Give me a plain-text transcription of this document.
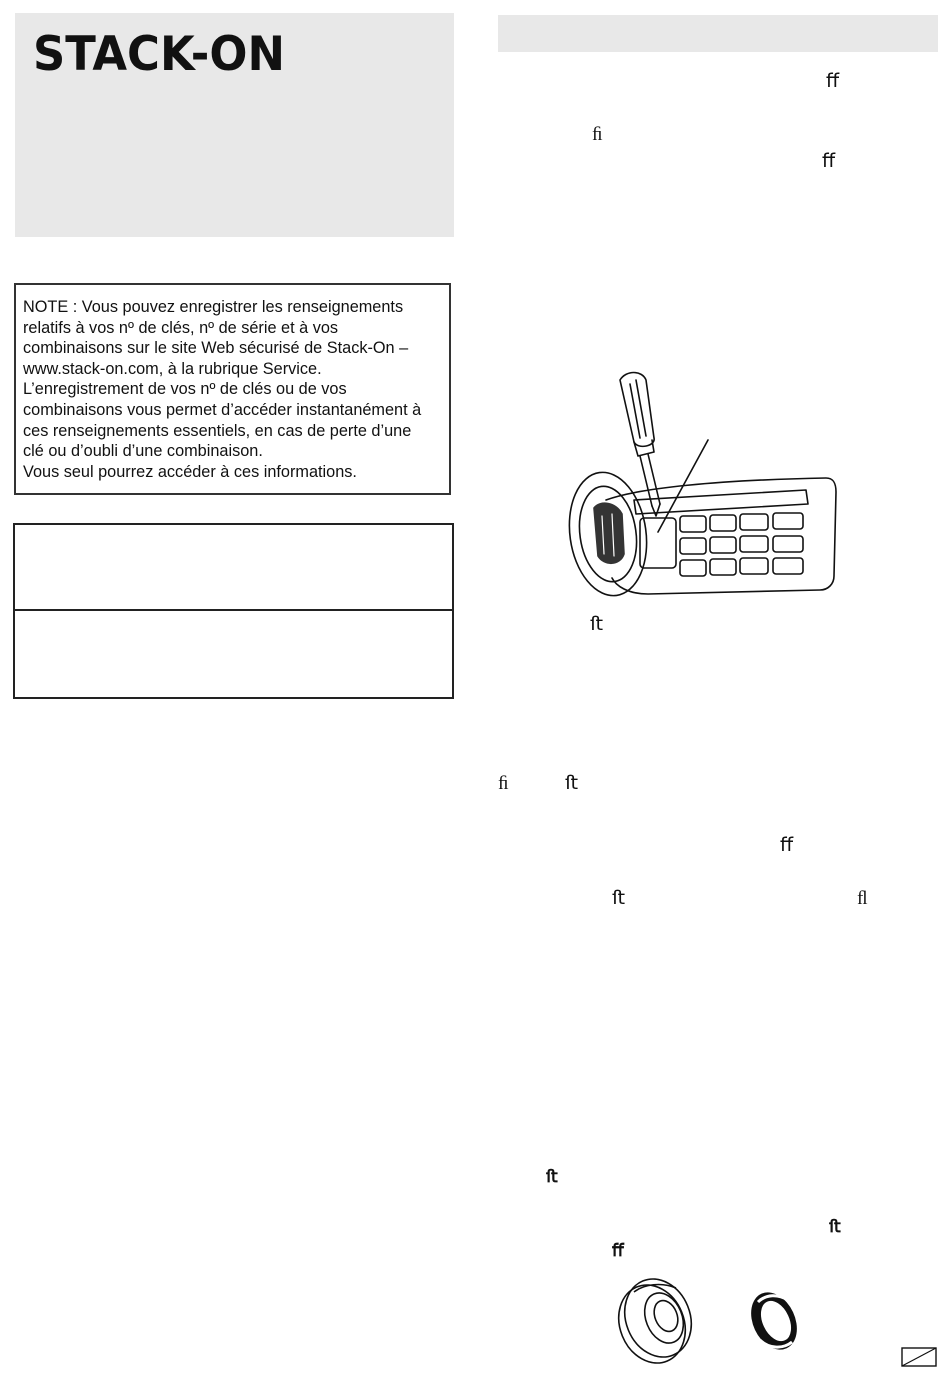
STACK-ON
NOTE : Vous pouvez enregistrer les renseignements
relatifs à vos nº de clés, nº de série et à vos
combinaisons sur le site Web sécurisé de Stack-On –
www.stack-on.com, à la rubrique Service.
L’enregistrement de vos nº de clés ou de vos
combinaisons vous permet d’accéder instantanément à
ces renseignements essentiels, en cas de perte d’une
clé ou d’oubli d’une combinaison.
Vous seul pourrez accéder à ces informations.
ﬀ
ﬁ
ﬀ
ﬅ
ﬁ	ﬅ
ﬀ
ﬅ	ﬂ
ﬅ
ﬅ
ﬀ
